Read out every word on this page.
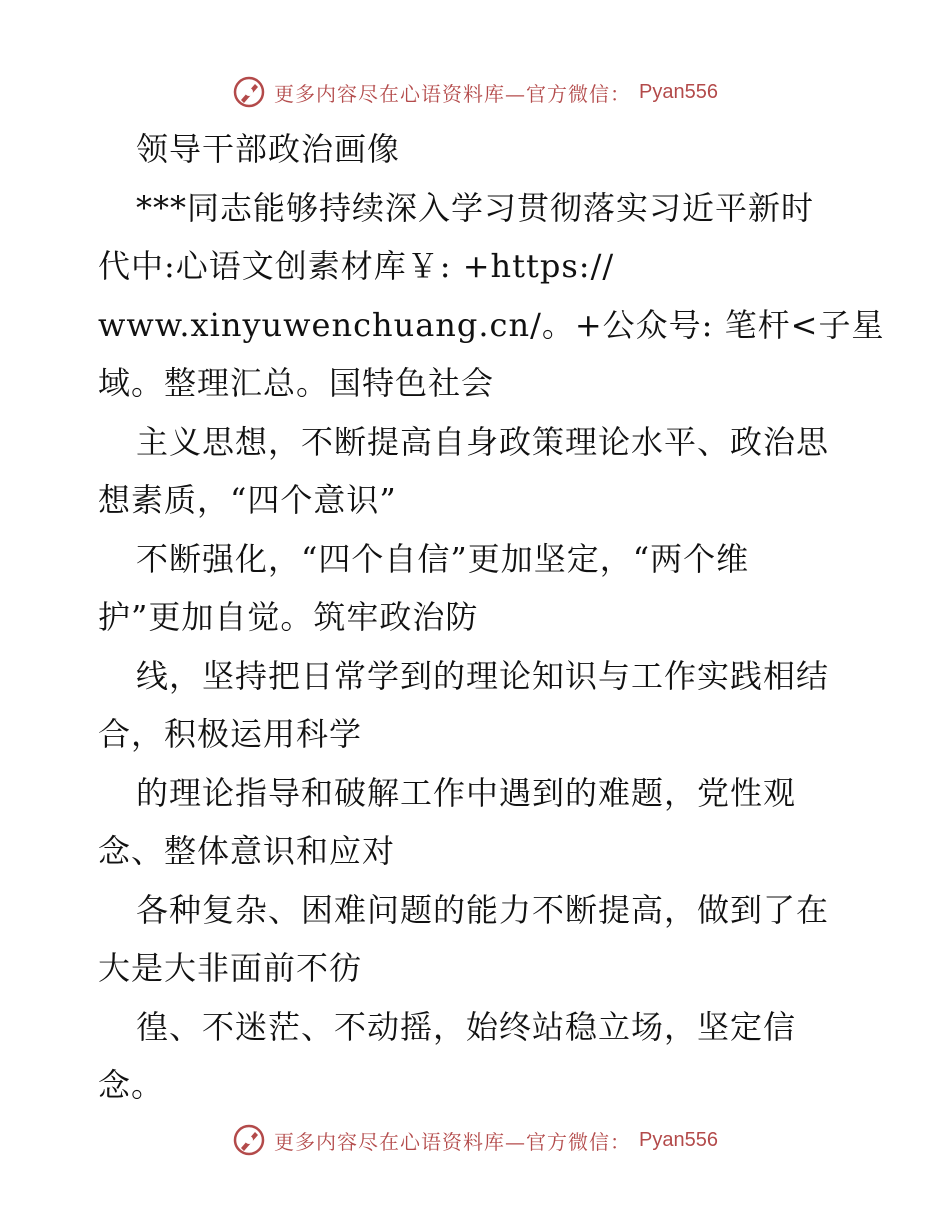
更多内容尽在心语资料库—官方微信： Pyan556
领导干部政治画像
***同志能够持续深入学习贯彻落实习近平新时
代中:心语文创素材库￥: +https://
www.xinyuwenchuang.cn/。+公众号: 笔杆<子星
域。整理汇总。国特色社会
主义思想，不断提高自身政策理论水平、政治思
想素质，“四个意识”
不断强化，“四个自信”更加坚定，“两个维
护”更加自觉。筑牢政治防
线，坚持把日常学到的理论知识与工作实践相结
合，积极运用科学
的理论指导和破解工作中遇到的难题，党性观
念、整体意识和应对
各种复杂、困难问题的能力不断提高，做到了在
大是大非面前不彷
徨、不迷茫、不动摇，始终站稳立场，坚定信
念。
更多内容尽在心语资料库—官方微信： Pyan556
